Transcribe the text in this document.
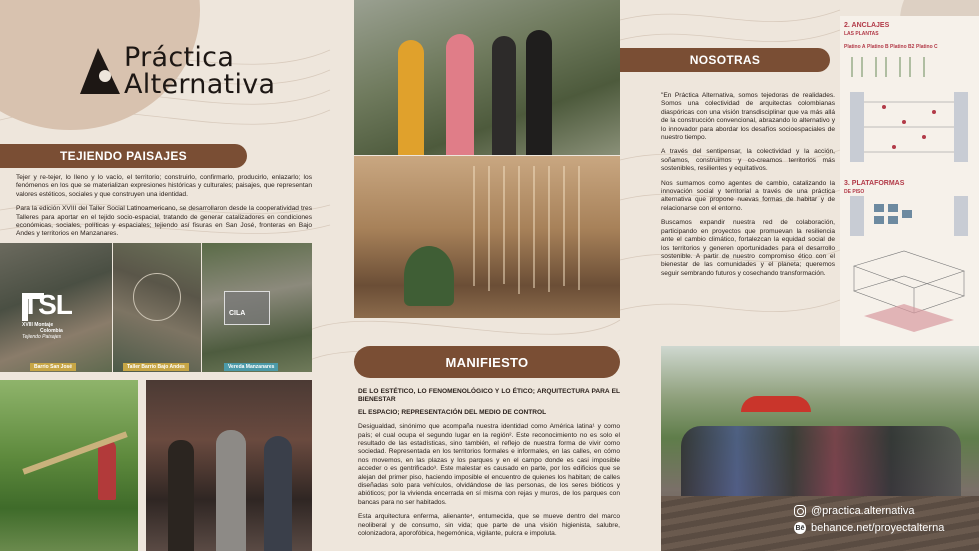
Práctica
Alternativa
TEJIENDO PAISAJES

Tejer y re-tejer, lo lleno y lo vacío, el territorio; construirlo, confirmarlo, producirlo, enlazarlo; los fenómenos en los que se materializan expresiones históricas y culturales; paisajes, que representan valores estéticos, sociales y que construyen una identidad.

Para la edición XVIII del Taller Social Latinoamericano, se desarrollaron desde la cooperatividad tres Talleres para aportar en el tejido socio-espacial, tratando de generar catalizadores en condiciones económicas, sociales, políticas y espaciales; tejiendo así fisuras en San José, fronteras en Bajo Andes y territorios en Manzanares.

TSL
XVIII Montaje
Colombia
Tejiendo Paisajes
Barrio San José	Taller Barrio Bajo Andes
CILA
Vereda Manzanares	MANIFIESTO

DE LO ESTÉTICO, LO FENOMENOLÓGICO Y LO ÉTICO; ARQUITECTURA PARA EL BIENESTAR

EL ESPACIO; REPRESENTACIÓN DEL MEDIO DE CONTROL

Desigualdad, sinónimo que acompaña nuestra identidad como América latina¹ y como país; el cual ocupa el segundo lugar en la región². Este reconocimiento no es solo el resultado de las estadísticas, sino también, el reflejo de nuestra forma de vivir como sociedad. Representada en los territorios formales e informales, en las calles, en cómo nos movemos, en las plazas y los parques y en el campo donde es casi imposible acceder o es gentrificado³. Este malestar es causado en parte, por los edificios que se alejan del primer piso, haciendo imposible el encuentro de quienes los habitan; de calles diseñadas solo para vehículos, olvidándose de las personas, de los seres bióticos y abióticos; por la vivienda encerrada en sí misma con rejas y muros, de los parques con bancas para no ser habitados.

Esta arquitectura enferma, alienante⁴, entumecida, que se mueve dentro del marco neoliberal y de consumo, sin vida; que parte de una visión higienista, salubre, colonizadora, aporofóbica, hegemónica, vigilante, pulcra e impoluta.

NOSOTRAS

"En Práctica Alternativa, somos tejedoras de realidades. Somos una colectividad de arquitectas colombianas diaspóricas con una visión transdisciplinar que va más allá de la construcción convencional, abrazando lo alternativo y lo innovador para abordar los desafíos socioespaciales de nuestro tiempo.

A través del sentipensar, la colectividad y la acción, soñamos, construimos y co-creamos territorios más sostenibles, resilientes y equitativos.

Nos sumamos como agentes de cambio, catalizando la innovación social y territorial a través de una práctica alternativa que propone nuevas formas de habitar y de relacionarse con el entorno.

Buscamos expandir nuestra red de colaboración, participando en proyectos que promuevan la resiliencia ante el cambio climático, fortalezcan la equidad social de los territorios y generen oportunidades para el desarrollo sostenible. A partir de nuestro compromiso ético con el bienestar de las comunidades y el planeta; queremos seguir sembrando futuros y cosechando transformación.

2. ANCLAJES
LAS PLANTAS
Platino A Platino B Platino B2 Platino C
3. PLATAFORMAS
DE PISO
@practica.alternativa
Bē behance.net/proyectalterna
